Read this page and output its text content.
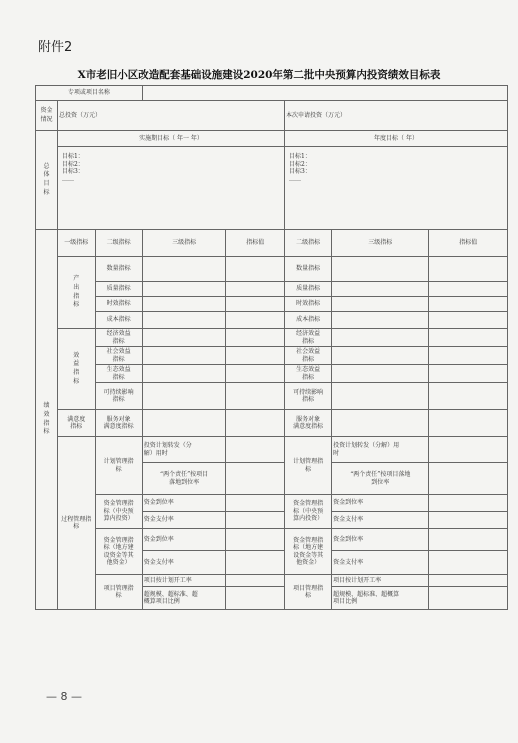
附件2
X市老旧小区改造配套基础设施建设2020年第二批中央预算内投资绩效目标表
专项或项目名称							

资金
情况	总投资（万元）				本次申请投资（万元）		

总
体
目
标	实施期目标（ 年一 年）				年度目标（ 年）		

	目标1：
目标2：
目标3：
……				目标1：
目标2：
目标3：
……		

绩
效
指
标	一级指标	二级指标	三级指标	指标值	二级指标	三级指标	指标值

	产
出
指
标	数量指标			数量指标		
		质量指标			质量指标		
		时效指标			时效指标		
		成本指标			成本指标		

	效
益
指
标	经济效益
指标			经济效益
指标		

		社会效益
指标			社会效益
指标		

		生态效益
指标			生态效益
指标		

		可持续影响
指标			可持续影响
指标		

	满意度
指标	服务对象
满意度指标			服务对象
满意度指标		

	过程管理指标	计划管理指
标	投资计划转发（分
解）用时		计划管理指
标	投资计划转发（分解）用
时	

			“两个责任”按项目
落地到位率			“两个责任”按项目落地
到位率	

		资金管理指
标（中央预
算内投资）	资金到位率		资金管理指
标（中央预
算内投资）	资金到位率	
			资金支付率			资金支付率	

		资金管理指
标（地方建
设资金等其
他资金）	资金到位率		资金管理指
标（地方建
设资金等其
他资金）	资金到位率	
			资金支付率			资金支付率	

		项目管理指
标	项目按计划开工率		项目管理指
标	项目按计划开工率	

			超规模、超标准、超
概算项目比例			超规模、超标准、超概算
项目比例	

— 8 —
